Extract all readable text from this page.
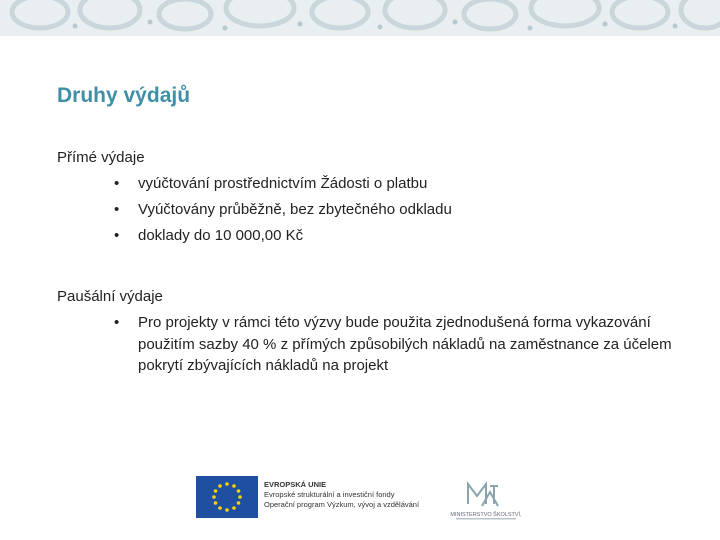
Druhy výdajů

Přímé výdaje

• vyúčtování prostřednictvím Žádosti o platbu
• Vyúčtovány průběžně, bez zbytečného odkladu
• doklady do 10 000,00 Kč

Paušální výdaje

• Pro projekty v rámci této výzvy bude použita zjednodušená forma vykazování použitím sazby 40 % z přímých způsobilých nákladů na zaměstnance za účelem pokrytí zbývajících nákladů na projekt
EVROPSKÁ UNIE
Evropské strukturální a investiční fondy
Operační program Výzkum, vývoj a vzdělávání
MINISTERSTVO ŠKOLSTVÍ,
